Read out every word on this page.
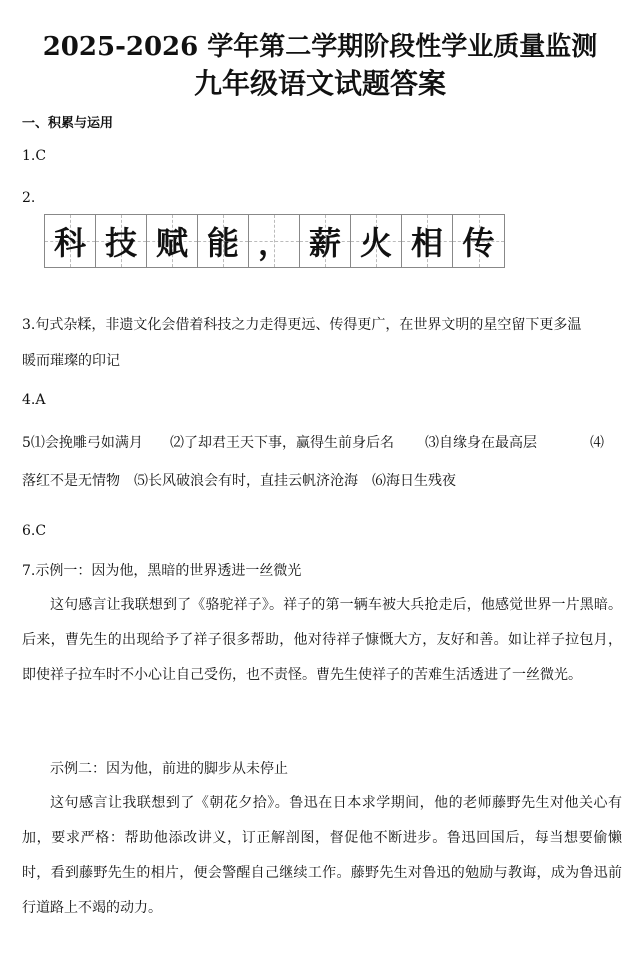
2025-2026 学年第二学期阶段性学业质量监测
九年级语文试题答案
一、积累与运用
1.C
2.
科 技 赋 能 ， 薪 火 相 传
3.句式杂糅，非遗文化会借着科技之力走得更远、传得更广，在世界文明的星空留下更多温
暖而璀璨的印记
4.A
5⑴会挽雕弓如满月 ⑵了却君王天下事，赢得生前身后名 ⑶自缘身在最高层	⑷
落红不是无情物　⑸长风破浪会有时，直挂云帆济沧海　⑹海日生残夜
6.C
7.示例一：因为他，黑暗的世界透进一丝微光
这句感言让我联想到了《骆驼祥子》。祥子的第一辆车被大兵抢走后，他感觉世界一片黑暗。后来，曹先生的出现给予了祥子很多帮助，他对待祥子慷慨大方，友好和善。如让祥子拉包月，即使祥子拉车时不小心让自己受伤，也不责怪。曹先生使祥子的苦难生活透进了一丝微光。
示例二：因为他，前进的脚步从未停止
这句感言让我联想到了《朝花夕拾》。鲁迅在日本求学期间，他的老师藤野先生对他关心有加，要求严格：帮助他添改讲义，订正解剖图，督促他不断进步。鲁迅回国后，每当想要偷懒时，看到藤野先生的相片，便会警醒自己继续工作。藤野先生对鲁迅的勉励与教诲，成为鲁迅前行道路上不竭的动力。
